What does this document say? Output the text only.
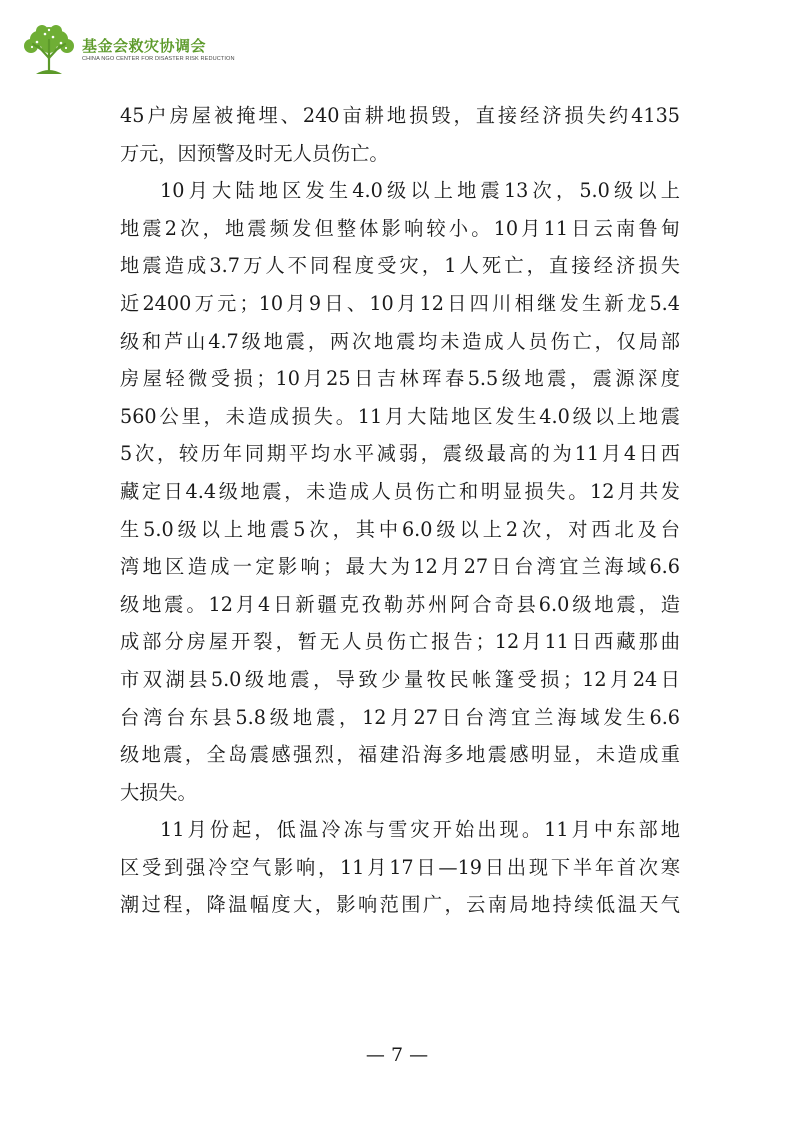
基金会救灾协调会
CHINA NGO CENTER FOR DISASTER RISK REDUCTION
45户房屋被掩埋、240亩耕地损毁，直接经济损失约4135
万元，因预警及时无人员伤亡。
10月大陆地区发生4.0级以上地震13次，5.0级以上
地震2次，地震频发但整体影响较小。10月11日云南鲁甸
地震造成3.7万人不同程度受灾，1人死亡，直接经济损失
近2400万元；10月9日、10月12日四川相继发生新龙5.4
级和芦山4.7级地震，两次地震均未造成人员伤亡，仅局部
房屋轻微受损；10月25日吉林珲春5.5级地震，震源深度
560公里，未造成损失。11月大陆地区发生4.0级以上地震
5次，较历年同期平均水平减弱，震级最高的为11月4日西
藏定日4.4级地震，未造成人员伤亡和明显损失。12月共发
生5.0级以上地震5次，其中6.0级以上2次，对西北及台
湾地区造成一定影响；最大为12月27日台湾宜兰海域6.6
级地震。12月4日新疆克孜勒苏州阿合奇县6.0级地震，造
成部分房屋开裂，暂无人员伤亡报告；12月11日西藏那曲
市双湖县5.0级地震，导致少量牧民帐篷受损；12月24日
台湾台东县5.8级地震，12月27日台湾宜兰海域发生6.6
级地震，全岛震感强烈，福建沿海多地震感明显，未造成重
大损失。
11月份起，低温冷冻与雪灾开始出现。11月中东部地
区受到强冷空气影响，11月17日—19日出现下半年首次寒
潮过程，降温幅度大，影响范围广，云南局地持续低温天气
— 7 —
